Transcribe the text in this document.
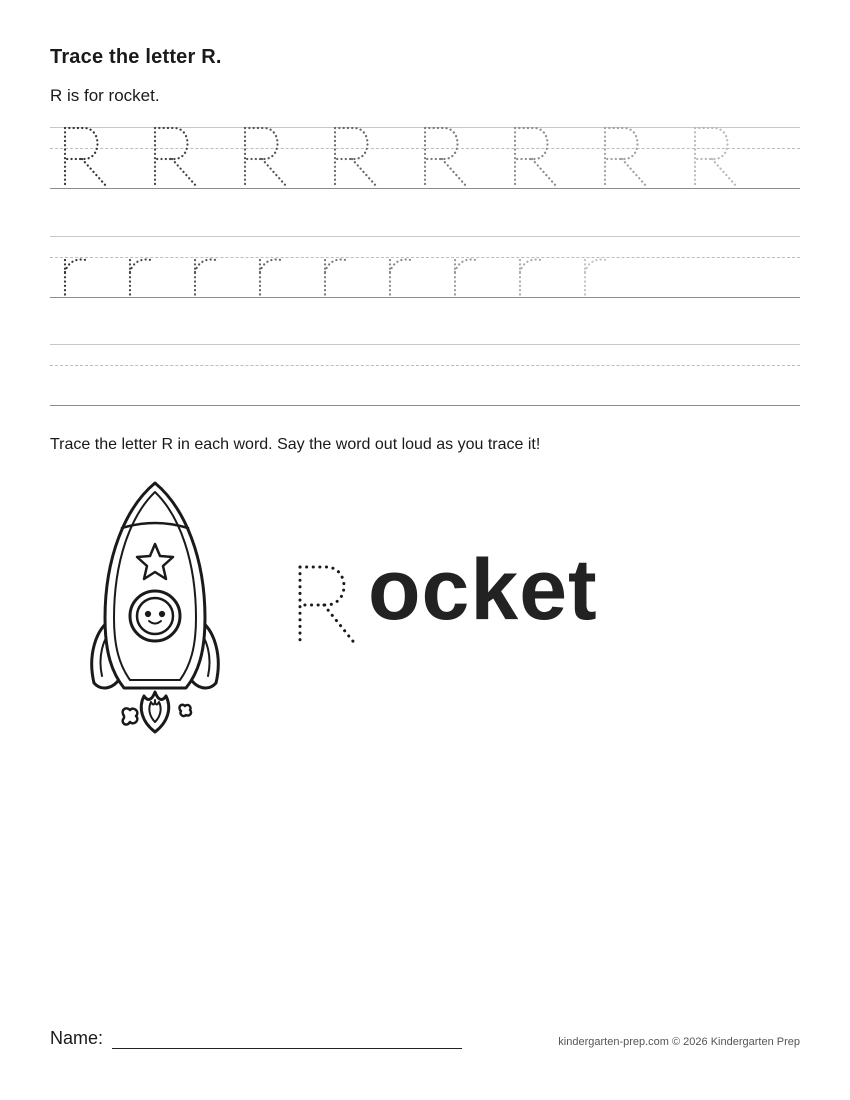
Trace the letter R.
R is for rocket.
Trace the letter R in each word. Say the word out loud as you trace it!
ocket
Name:	kindergarten-prep.com © 2026 Kindergarten Prep
